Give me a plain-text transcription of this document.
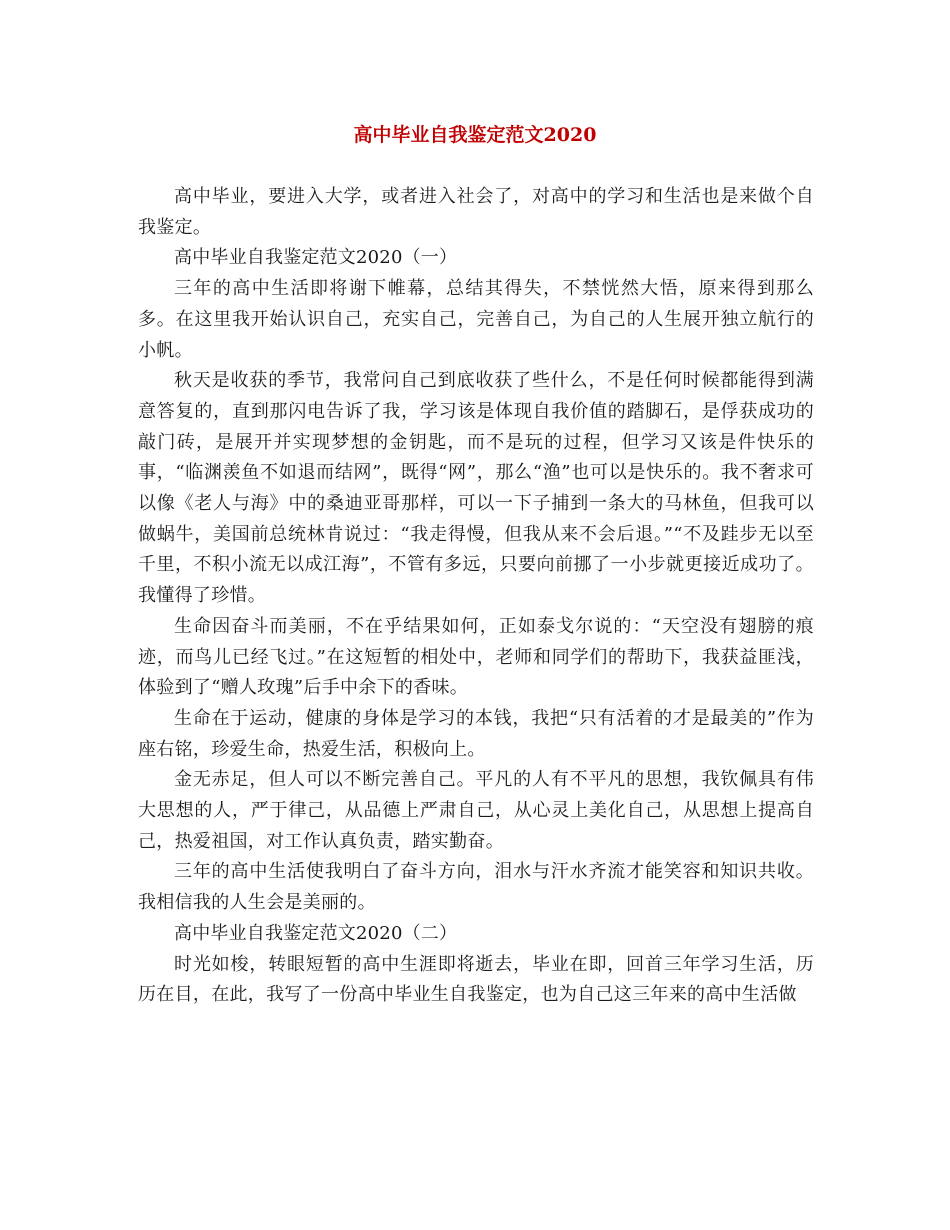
高中毕业自我鉴定范文2020

高中毕业，要进入大学，或者进入社会了，对高中的学习和生活也是来做个自我鉴定。

高中毕业自我鉴定范文2020（一）

三年的高中生活即将谢下帷幕，总结其得失，不禁恍然大悟，原来得到那么多。在这里我开始认识自己，充实自己，完善自己，为自己的人生展开独立航行的小帆。

秋天是收获的季节，我常问自己到底收获了些什么，不是任何时候都能得到满意答复的，直到那闪电告诉了我，学习该是体现自我价值的踏脚石，是俘获成功的敲门砖，是展开并实现梦想的金钥匙，而不是玩的过程，但学习又该是件快乐的事，“临渊羡鱼不如退而结网”，既得“网”，那么“渔”也可以是快乐的。我不奢求可以像《老人与海》中的桑迪亚哥那样，可以一下子捕到一条大的马林鱼，但我可以做蜗牛，美国前总统林肯说过：“我走得慢，但我从来不会后退。”“不及跬步无以至千里，不积小流无以成江海”，不管有多远，只要向前挪了一小步就更接近成功了。我懂得了珍惜。

生命因奋斗而美丽，不在乎结果如何，正如泰戈尔说的：“天空没有翅膀的痕迹，而鸟儿已经飞过。”在这短暂的相处中，老师和同学们的帮助下，我获益匪浅，体验到了“赠人玫瑰”后手中余下的香味。

生命在于运动，健康的身体是学习的本钱，我把“只有活着的才是最美的”作为座右铭，珍爱生命，热爱生活，积极向上。

金无赤足，但人可以不断完善自己。平凡的人有不平凡的思想，我钦佩具有伟大思想的人，严于律己，从品德上严肃自己，从心灵上美化自己，从思想上提高自己，热爱祖国，对工作认真负责，踏实勤奋。

三年的高中生活使我明白了奋斗方向，泪水与汗水齐流才能笑容和知识共收。我相信我的人生会是美丽的。

高中毕业自我鉴定范文2020（二）

时光如梭，转眼短暂的高中生涯即将逝去，毕业在即，回首三年学习生活，历历在目，在此，我写了一份高中毕业生自我鉴定，也为自己这三年来的高中生活做
